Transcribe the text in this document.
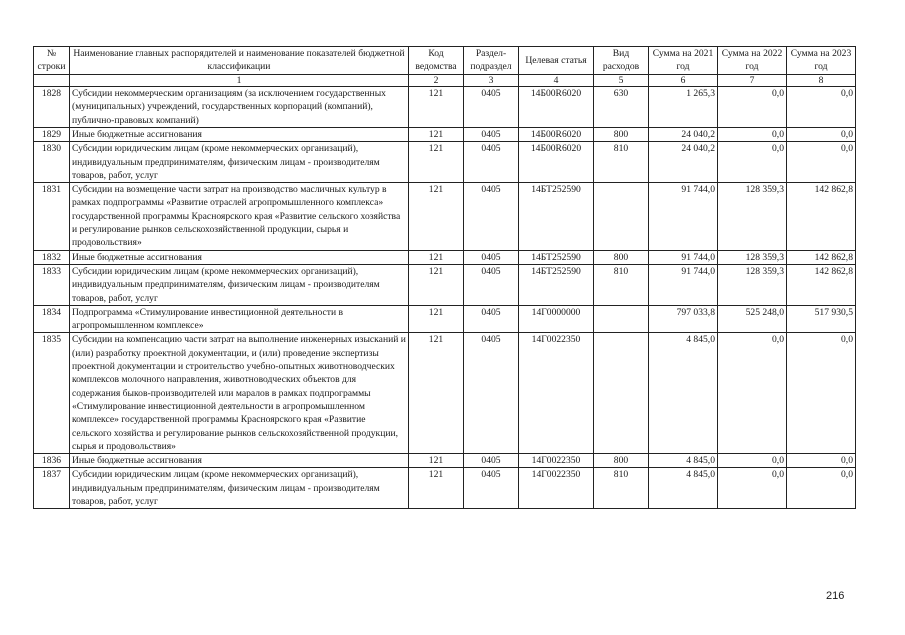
№ строки	Наименование главных распорядителей и наименование показателей бюджетной классификации	Код ведомства	Раздел-подраздел	Целевая статья	Вид расходов	Сумма на 2021 год	Сумма на 2022 год	Сумма на 2023 год
	1	2	3	4	5	6	7	8
1828	Субсидии некоммерческим организациям (за исключением государственных (муниципальных) учреждений, государственных корпораций (компаний), публично-правовых компаний)	121	0405	14Б00R6020	630	1 265,3	0,0	0,0
1829	Иные бюджетные ассигнования	121	0405	14Б00R6020	800	24 040,2	0,0	0,0
1830	Субсидии юридическим лицам (кроме некоммерческих организаций), индивидуальным предпринимателям, физическим лицам - производителям товаров, работ, услуг	121	0405	14Б00R6020	810	24 040,2	0,0	0,0
1831	Субсидии на возмещение части затрат на производство масличных культур в рамках подпрограммы «Развитие отраслей агропромышленного комплекса» государственной программы Красноярского края «Развитие сельского хозяйства и регулирование рынков сельскохозяйственной продукции, сырья и продовольствия»	121	0405	14БТ252590		91 744,0	128 359,3	142 862,8
1832	Иные бюджетные ассигнования	121	0405	14БТ252590	800	91 744,0	128 359,3	142 862,8
1833	Субсидии юридическим лицам (кроме некоммерческих организаций), индивидуальным предпринимателям, физическим лицам - производителям товаров, работ, услуг	121	0405	14БТ252590	810	91 744,0	128 359,3	142 862,8
1834	Подпрограмма «Стимулирование инвестиционной деятельности в агропромышленном комплексе»	121	0405	14Г0000000		797 033,8	525 248,0	517 930,5
1835	Субсидии на компенсацию части затрат на выполнение инженерных изысканий и (или) разработку проектной документации, и (или) проведение экспертизы проектной документации и строительство учебно-опытных животноводческих комплексов молочного направления, животноводческих объектов для содержания быков-производителей или маралов в рамках подпрограммы «Стимулирование инвестиционной деятельности в агропромышленном комплексе» государственной программы Красноярского края «Развитие сельского хозяйства и регулирование рынков сельскохозяйственной продукции, сырья и продовольствия»	121	0405	14Г0022350		4 845,0	0,0	0,0
1836	Иные бюджетные ассигнования	121	0405	14Г0022350	800	4 845,0	0,0	0,0
1837	Субсидии юридическим лицам (кроме некоммерческих организаций), индивидуальным предпринимателям, физическим лицам - производителям товаров, работ, услуг	121	0405	14Г0022350	810	4 845,0	0,0	0,0
216
